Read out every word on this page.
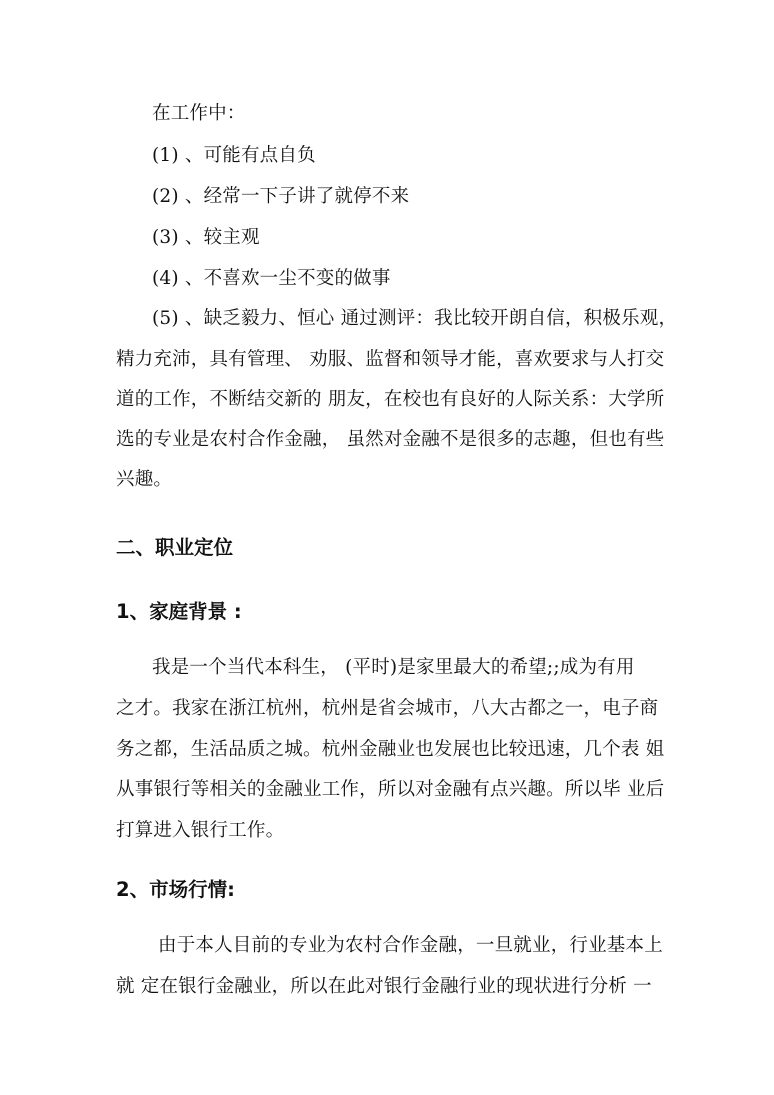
在工作中：
(1) 、可能有点自负
(2) 、经常一下子讲了就停不来
(3) 、较主观
(4) 、不喜欢一尘不变的做事
(5) 、缺乏毅力、恒心 通过测评：我比较开朗自信，积极乐观，
精力充沛，具有管理、 劝服、监督和领导才能，喜欢要求与人打交
道的工作，不断结交新的 朋友，在校也有良好的人际关系：大学所
选的专业是农村合作金融， 虽然对金融不是很多的志趣，但也有些
兴趣。
二、职业定位
1、家庭背景 :
我是一个当代本科生， (平时)是家里最大的希望;;成为有用
之才。我家在浙江杭州，杭州是省会城市，八大古都之一，电子商
务之都，生活品质之城。杭州金融业也发展也比较迅速，几个表 姐
从事银行等相关的金融业工作，所以对金融有点兴趣。所以毕 业后
打算进入银行工作。
2、市场行情:
由于本人目前的专业为农村合作金融，一旦就业，行业基本上
就 定在银行金融业，所以在此对银行金融行业的现状进行分析 一
